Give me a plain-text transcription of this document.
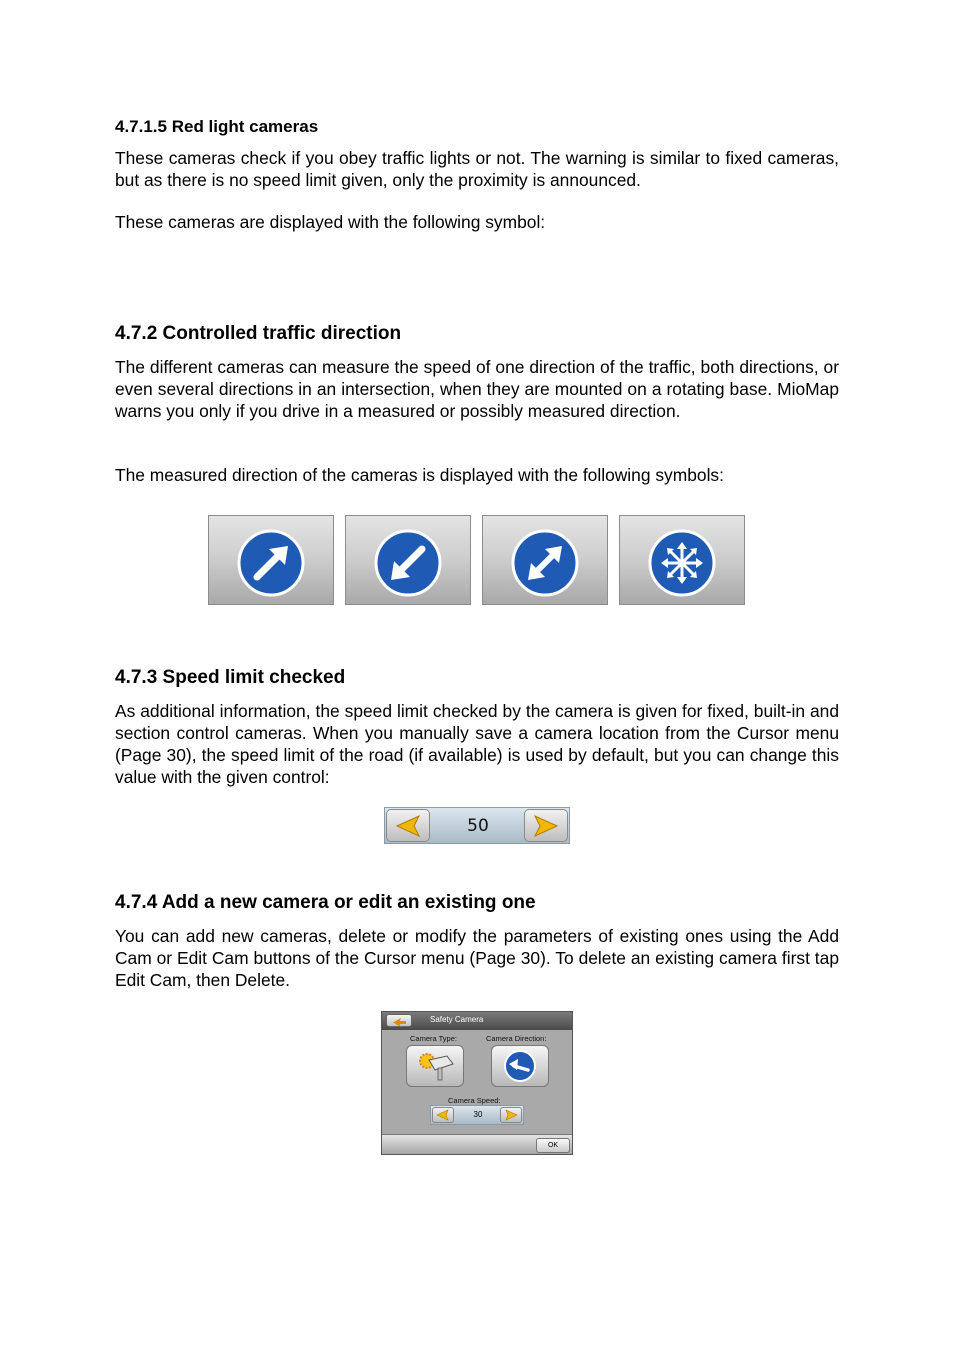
4.7.1.5 Red light cameras
These cameras check if you obey traffic lights or not. The warning is similar to fixed cameras, but as there is no speed limit given, only the proximity is announced.
These cameras are displayed with the following symbol:
4.7.2 Controlled traffic direction
The different cameras can measure the speed of one direction of the traffic, both directions, or even several directions in an intersection, when they are mounted on a rotating base. MioMap warns you only if you drive in a measured or possibly measured direction.
The measured direction of the cameras is displayed with the following symbols:
4.7.3 Speed limit checked
As additional information, the speed limit checked by the camera is given for fixed, built-in and section control cameras. When you manually save a camera location from the Cursor menu (Page 30), the speed limit of the road (if available) is used by default, but you can change this value with the given control:
50
4.7.4 Add a new camera or edit an existing one
You can add new cameras, delete or modify the parameters of existing ones using the Add Cam or Edit Cam buttons of the Cursor menu (Page 30). To delete an existing camera first tap Edit Cam, then Delete.
Safety Camera
Camera Type:	Camera Direction:
Camera Speed:
30
OK
